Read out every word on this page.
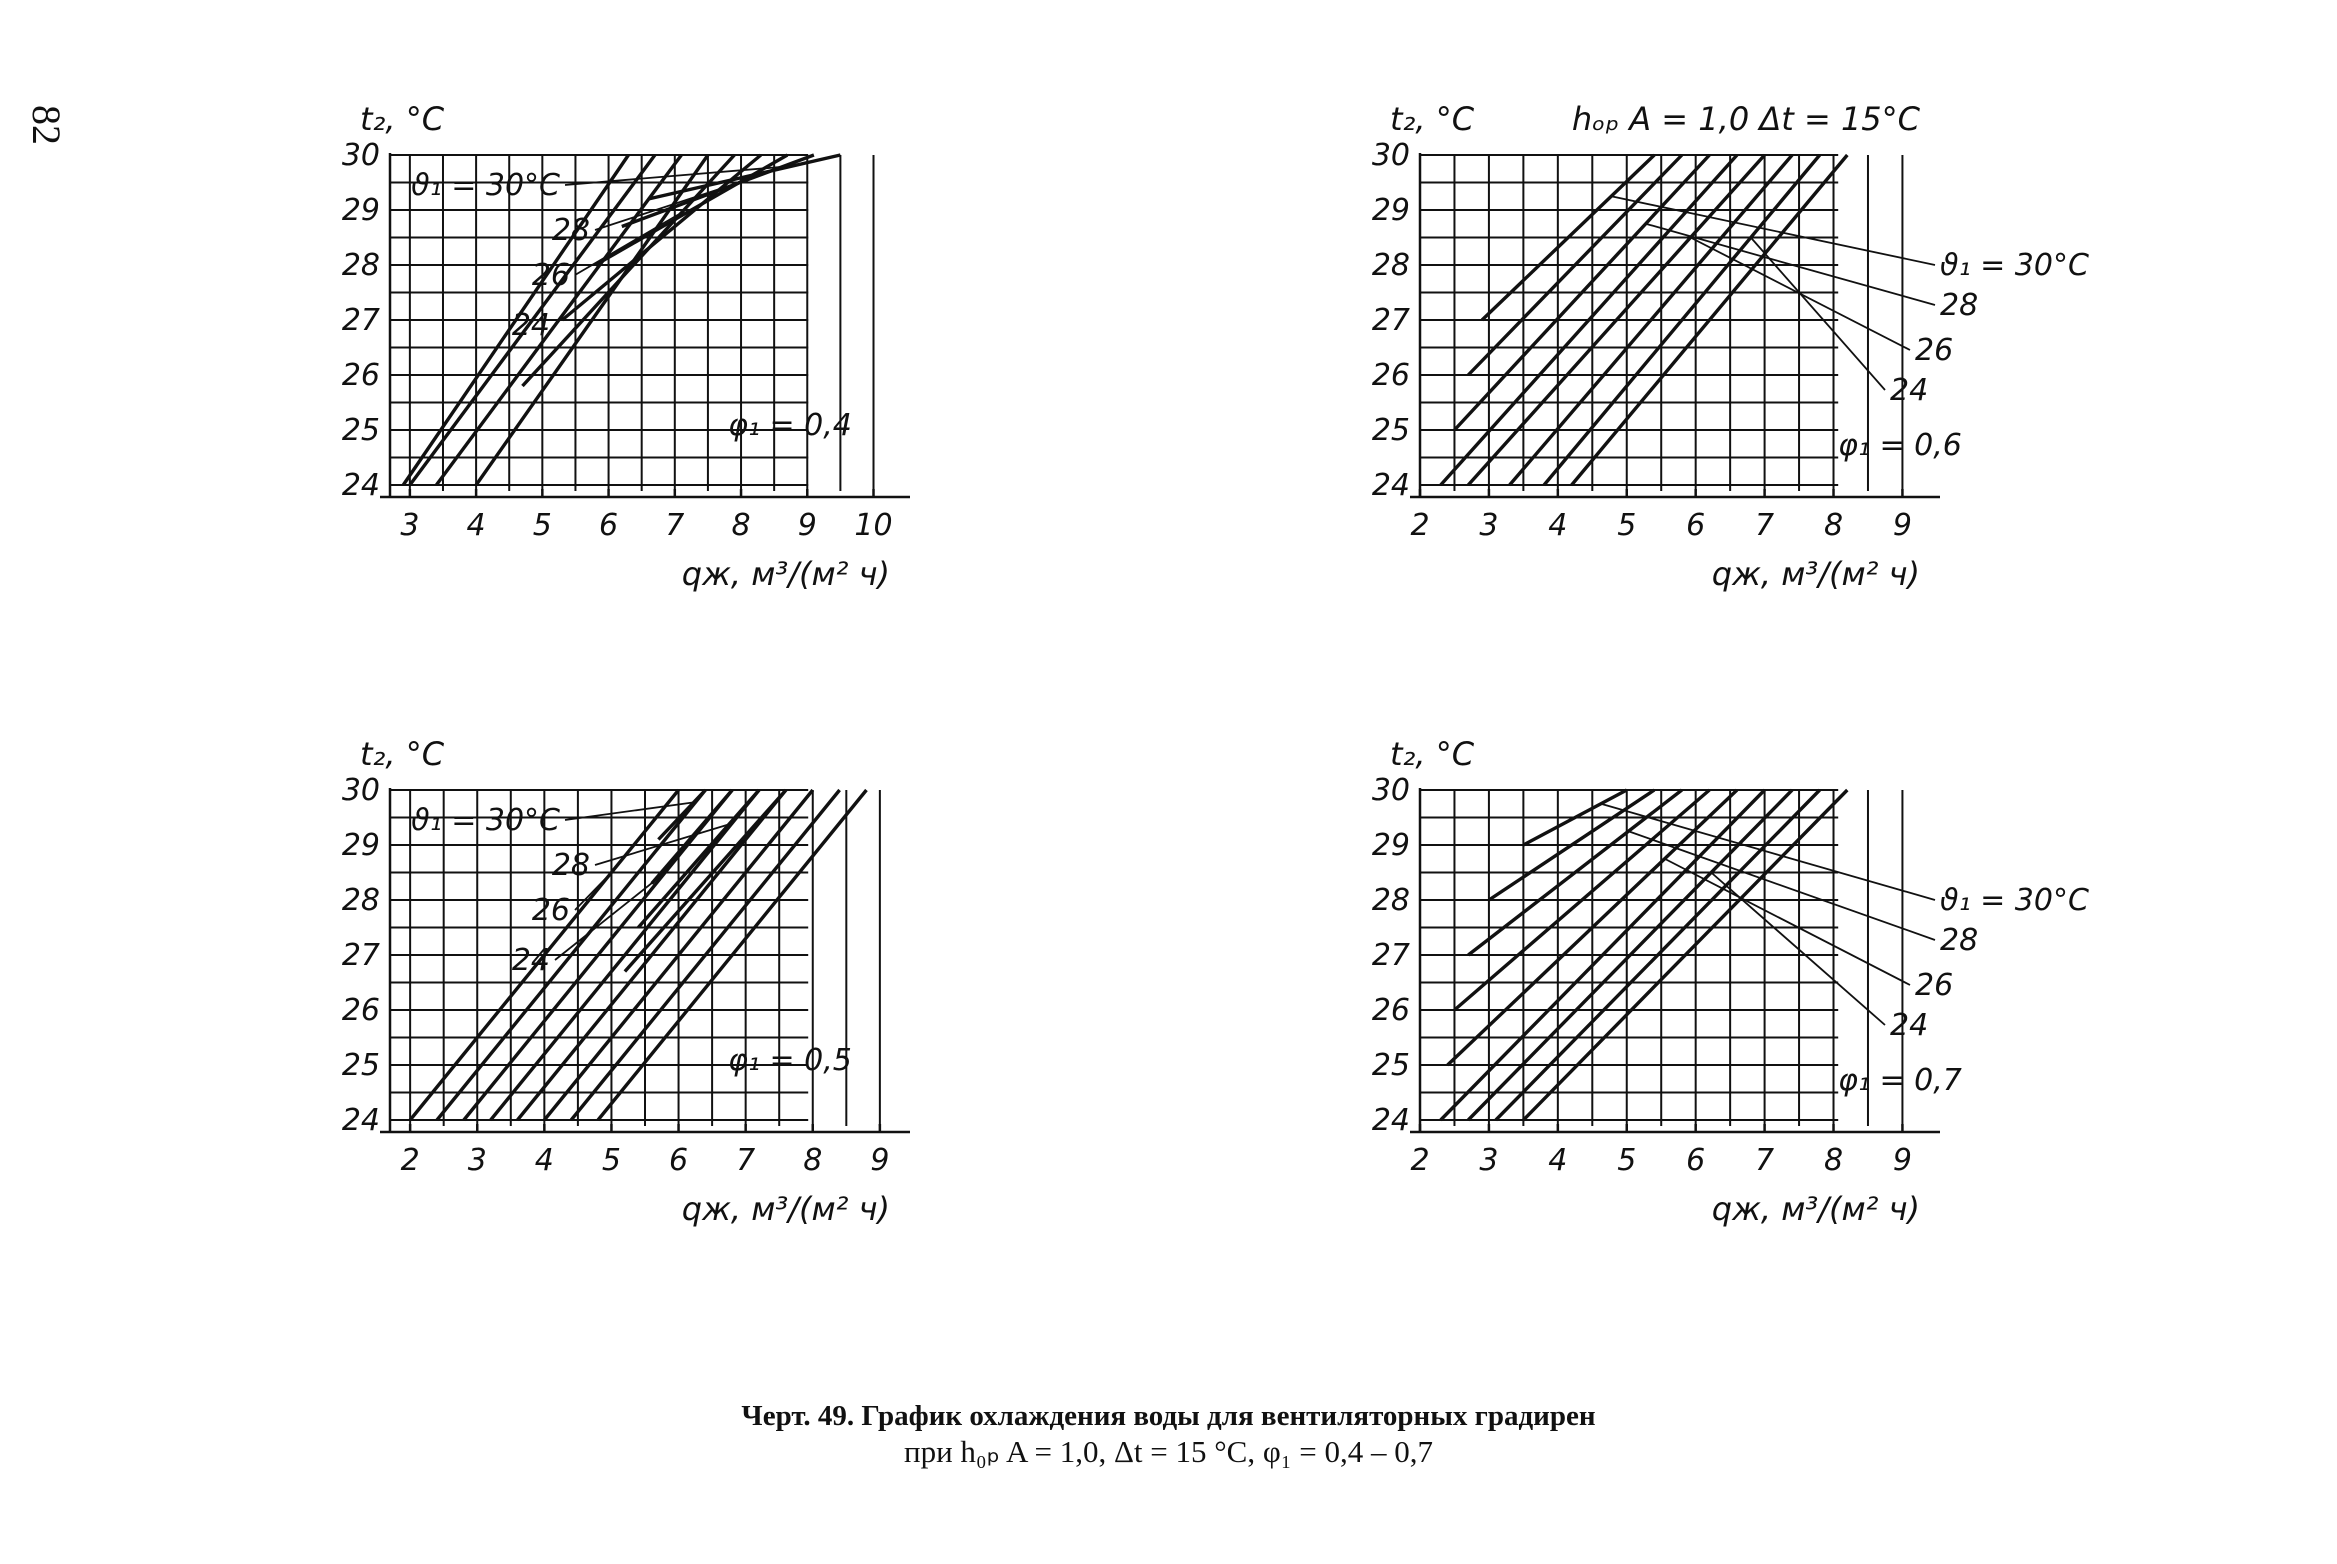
82
24
25
26
27
28
29
30
3 4 5 6 7 8 9 10
t₂, °C
qж, м³/(м² ч)
ϑ₁ = 30°C
28
26
24
φ₁ = 0,4
24
25
26
27
28
29
30
2 3 4 5 6 7 8 9
t₂, °C
qж, м³/(м² ч)
hₒₚ A = 1,0 Δt = 15°C
ϑ₁ = 30°C
28
26
24
φ₁ = 0,6
24
25
26
27
28
29
30
2 3 4 5 6 7 8 9
t₂, °C
qж, м³/(м² ч)
ϑ₁ = 30°C
28
26
24
φ₁ = 0,5
24
25
26
27
28
29
30
2 3 4 5 6 7 8 9
t₂, °C
qж, м³/(м² ч)
ϑ₁ = 30°C
28
26
24
φ₁ = 0,7
Черт. 49. График охлаждения воды для вентиляторных градирен
при h₀ₚ A = 1,0, Δt = 15 °C, φ₁ = 0,4 – 0,7
